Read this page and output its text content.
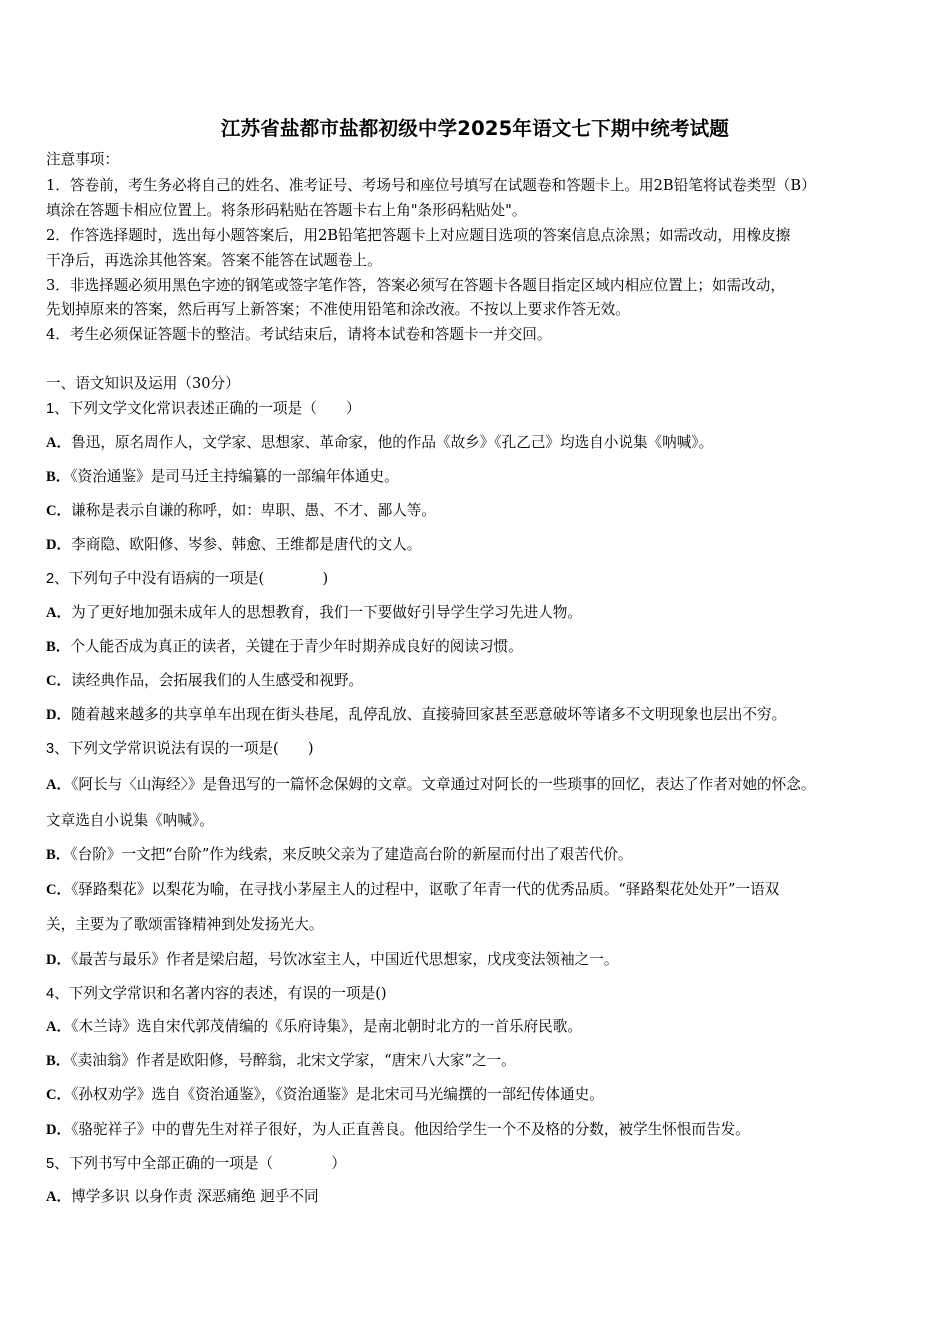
江苏省盐都市盐都初级中学2025年语文七下期中统考试题
注意事项：
1．答卷前，考生务必将自己的姓名、准考证号、考场号和座位号填写在试题卷和答题卡上。用2B铅笔将试卷类型（B）
填涂在答题卡相应位置上。将条形码粘贴在答题卡右上角"条形码粘贴处"。
2．作答选择题时，选出每小题答案后，用2B铅笔把答题卡上对应题目选项的答案信息点涂黑；如需改动，用橡皮擦
干净后，再选涂其他答案。答案不能答在试题卷上。
3．非选择题必须用黑色字迹的钢笔或签字笔作答，答案必须写在答题卡各题目指定区域内相应位置上；如需改动，
先划掉原来的答案，然后再写上新答案；不准使用铅笔和涂改液。不按以上要求作答无效。
4．考生必须保证答题卡的整洁。考试结束后，请将本试卷和答题卡一并交回。
一、语文知识及运用（30分）
1、下列文学文化常识表述正确的一项是（　　）
A．鲁迅，原名周作人，文学家、思想家、革命家，他的作品《故乡》《孔乙己》均选自小说集《呐喊》。
B．《资治通鉴》是司马迁主持编纂的一部编年体通史。
C．谦称是表示自谦的称呼，如：卑职、愚、不才、鄙人等。
D．李商隐、欧阳修、岑参、韩愈、王维都是唐代的文人。
2、下列句子中没有语病的一项是(　　　　)
A．为了更好地加强未成年人的思想教育，我们一下要做好引导学生学习先进人物。
B．个人能否成为真正的读者，关键在于青少年时期养成良好的阅读习惯。
C．读经典作品，会拓展我们的人生感受和视野。
D．随着越来越多的共享单车出现在街头巷尾，乱停乱放、直接骑回家甚至恶意破坏等诸多不文明现象也层出不穷。
3、下列文学常识说法有误的一项是(　　)
A．《阿长与〈山海经〉》是鲁迅写的一篇怀念保姆的文章。文章通过对阿长的一些琐事的回忆，表达了作者对她的怀念。
文章选自小说集《呐喊》。
B．《台阶》一文把“台阶”作为线索，来反映父亲为了建造高台阶的新屋而付出了艰苦代价。
C．《驿路梨花》以梨花为喻，在寻找小茅屋主人的过程中，讴歌了年青一代的优秀品质。“驿路梨花处处开”一语双
关，主要为了歌颂雷锋精神到处发扬光大。
D．《最苦与最乐》作者是梁启超，号饮冰室主人，中国近代思想家，戊戌变法领袖之一。
4、下列文学常识和名著内容的表述，有误的一项是()
A．《木兰诗》选自宋代郭茂倩编的《乐府诗集》，是南北朝时北方的一首乐府民歌。
B．《卖油翁》作者是欧阳修，号醉翁，北宋文学家，“唐宋八大家”之一。
C．《孙权劝学》选自《资治通鉴》，《资治通鉴》是北宋司马光编撰的一部纪传体通史。
D．《骆驼祥子》中的曹先生对祥子很好，为人正直善良。他因给学生一个不及格的分数，被学生怀恨而告发。
5、下列书写中全部正确的一项是（　　　　）
A．博学多识 以身作责 深恶痛绝 迥乎不同
